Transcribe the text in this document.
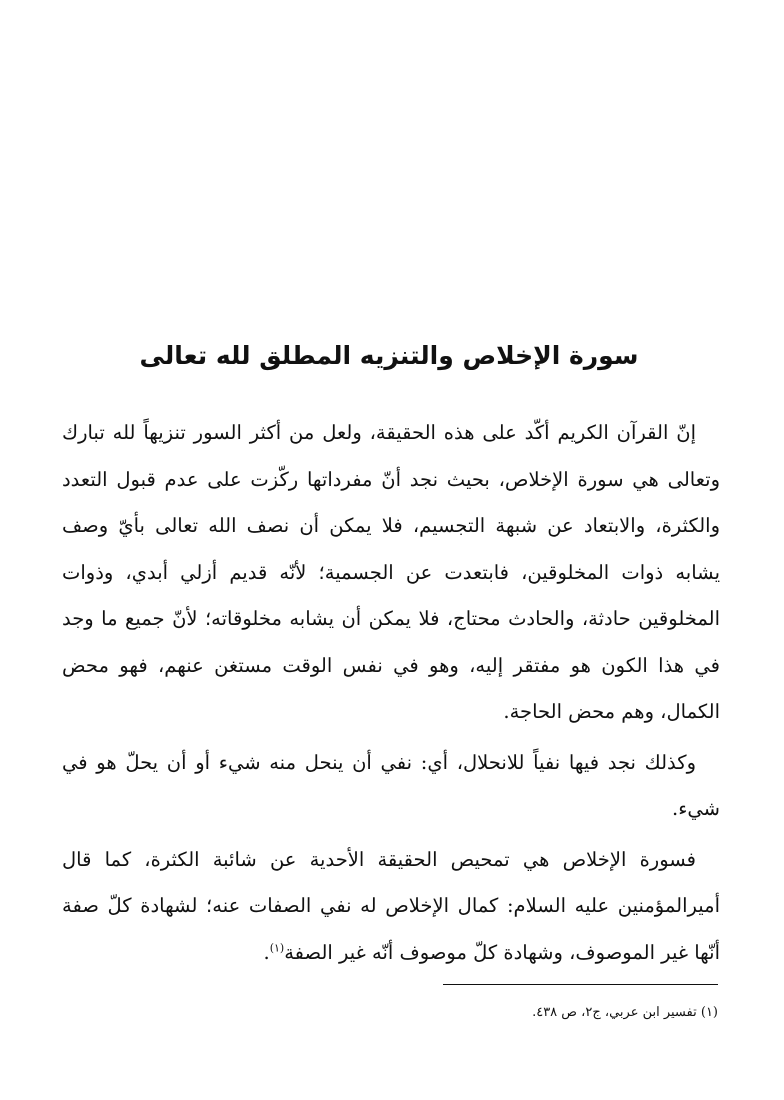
سورة الإخلاص والتنزيه المطلق لله تعالى

إنّ القرآن الكريم أكّد على هذه الحقيقة، ولعل من أكثر السور تنزيهاً لله تبارك وتعالى هي سورة الإخلاص، بحيث نجد أنّ مفرداتها ركّزت على عدم قبول التعدد والكثرة، والابتعاد عن شبهة التجسيم، فلا يمكن أن نصف الله تعالى بأيّ وصف يشابه ذوات المخلوقين، فابتعدت عن الجسمية؛ لأنّه قديم أزلي أبدي، وذوات المخلوقين حادثة، والحادث محتاج، فلا يمكن أن يشابه مخلوقاته؛ لأنّ جميع ما وجد في هذا الكون هو مفتقر إليه، وهو في نفس الوقت مستغن عنهم، فهو محض الكمال، وهم محض الحاجة.

وكذلك نجد فيها نفياً للانحلال، أي: نفي أن ينحل منه شيء أو أن يحلّ هو في شيء.

فسورة الإخلاص هي تمحيص الحقيقة الأحدية عن شائبة الكثرة، كما قال أميرالمؤمنين عليه السلام: كمال الإخلاص له نفي الصفات عنه؛ لشهادة كلّ صفة أنّها غير الموصوف، وشهادة كلّ موصوف أنّه غير الصفة$^{(١)}$.

(١) تفسير ابن عربي، ج٢، ص ٤٣٨.
